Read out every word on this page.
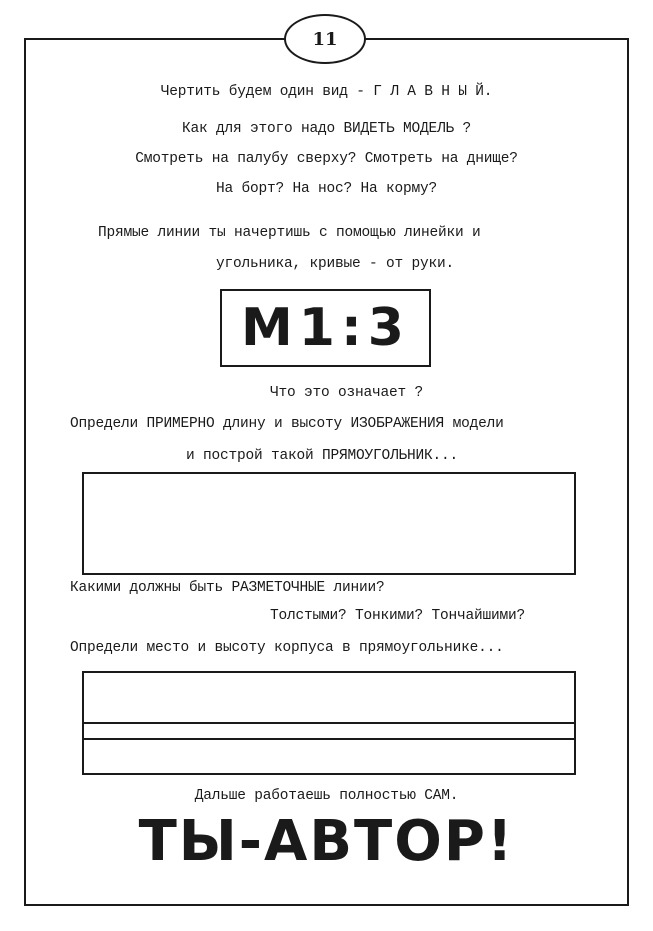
11
Чертить будем один вид - Г Л А В Н Ы Й.
Как для этого надо ВИДЕТЬ МОДЕЛЬ ?
Смотреть на палубу сверху? Смотреть на днище?
На борт? На нос? На корму?
Прямые линии ты начертишь с помощью линейки и
угольника, кривые - от руки.
М1:3
Что это означает ?
Определи ПРИМЕРНО длину и высоту ИЗОБРАЖЕНИЯ модели
и построй такой ПРЯМОУГОЛЬНИК...
Какими должны быть РАЗМЕТОЧНЫЕ линии?
Толстыми? Тонкими? Тончайшими?
Определи место и высоту корпуса в прямоугольнике...
Дальше работаешь полностью САМ.
ТЫ-АВТОР!
